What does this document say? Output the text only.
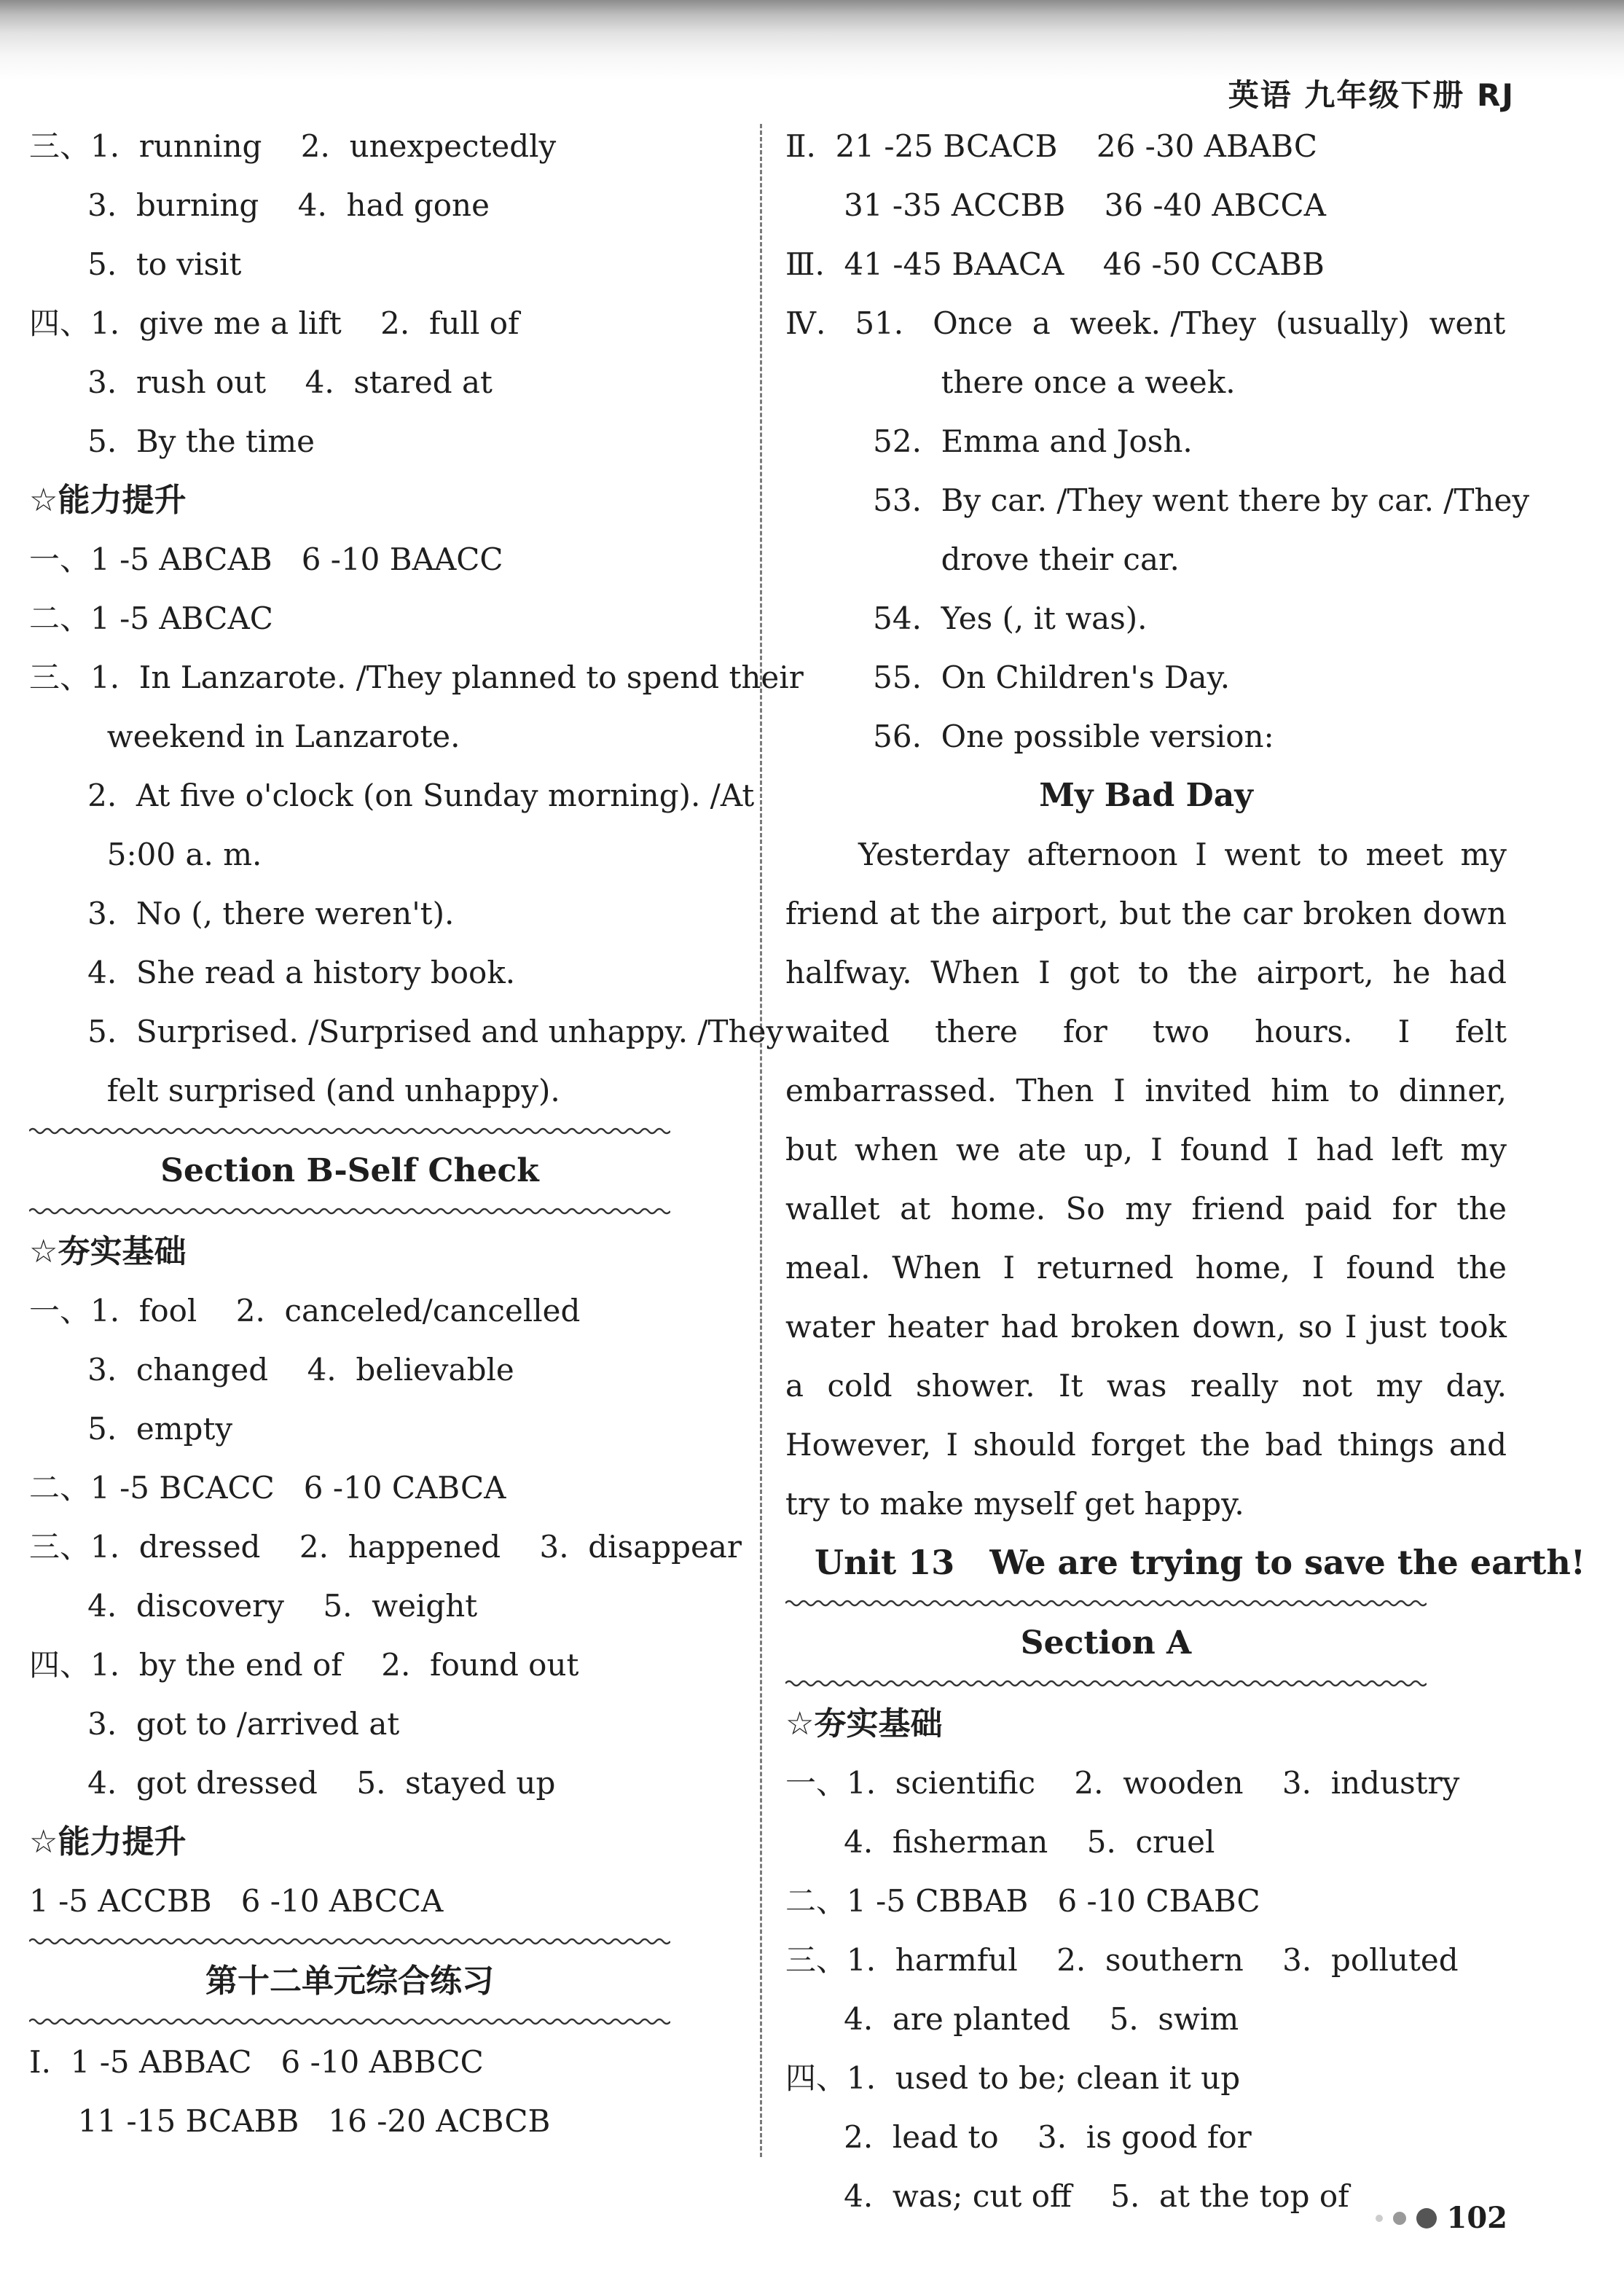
英语 九年级下册 RJ
三、1. running 2. unexpectedly
3. burning 4. had gone
5. to visit
四、1. give me a lift 2. full of
3. rush out 4. stared at
5. By the time
☆能力提升
一、1 -5 ABCAB   6 -10 BAACC
二、1 -5 ABCAC
三、1.  In Lanzarote. /They planned to spend their
weekend in Lanzarote.
2.  At five o'clock (on Sunday morning). /At
5:00 a. m.
3.  No (, there weren't).
4.  She read a history book.
5.  Surprised. /Surprised and unhappy. /They
felt surprised (and unhappy).
Section B-Self Check
☆夯实基础
一、1.  fool    2.  canceled/cancelled
3.  changed    4.  believable
5.  empty
二、1 -5 BCACC   6 -10 CABCA
三、1.  dressed    2.  happened    3.  disappear
4.  discovery    5.  weight
四、1.  by the end of    2.  found out
3.  got to /arrived at
4.  got dressed    5.  stayed up
☆能力提升
1 -5 ACCBB   6 -10 ABCCA
第十二单元综合练习
Ⅰ.  1 -5 ABBAC   6 -10 ABBCC
11 -15 BCABB   16 -20 ACBCB
Ⅱ.  21 -25 BCACB    26 -30 ABABC
31 -35 ACCBB    36 -40 ABCCA
Ⅲ.  41 -45 BAACA    46 -50 CCABB
Ⅳ.   51.   Once  a  week. /They  (usually)  went
there once a week.
52.  Emma and Josh.
53.  By car. /They went there by car. /They
drove their car.
54.  Yes (, it was).
55.  On Children's Day.
56.  One possible version:
My Bad Day

Yesterday afternoon I went to meet my friend at the airport, but the car broken down halfway. When I got to the airport, he had waited there for two hours. I felt embarrassed. Then I invited him to dinner, but when we ate up, I found I had left my wallet at home. So my friend paid for the meal. When I returned home, I found the water heater had broken down, so I just took a cold shower. It was really not my day. However, I should forget the bad things and try to make myself get happy.

Unit 13   We are trying to save the earth!
Section A
☆夯实基础
一、1.  scientific    2.  wooden    3.  industry
4.  fisherman    5.  cruel
二、1 -5 CBBAB   6 -10 CBABC
三、1.  harmful    2.  southern    3.  polluted
4.  are planted    5.  swim
四、1.  used to be; clean it up
2.  lead to    3.  is good for
4.  was; cut off    5.  at the top of
102
